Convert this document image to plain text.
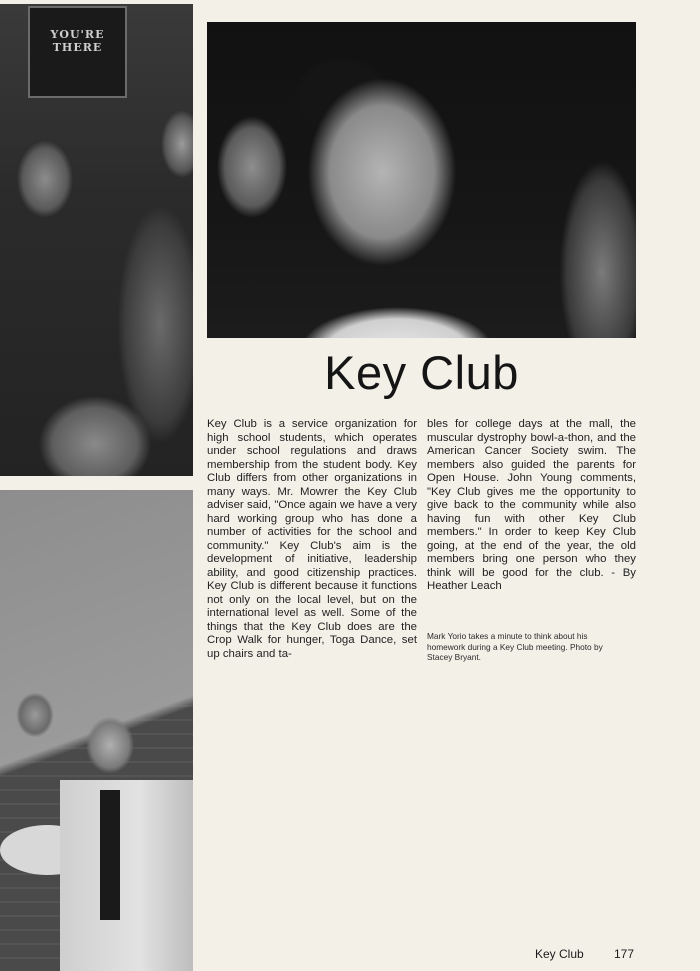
YOU'RE THERE
Key Club

Key Club is a service organization for high school students, which operates under school regulations and draws membership from the student body. Key Club differs from other organizations in many ways. Mr. Mowrer the Key Club adviser said, "Once again we have a very hard working group who has done a number of activities for the school and community." Key Club's aim is the development of initiative, leadership ability, and good citizenship practices. Key Club is different because it functions not only on the local level, but on the international level as well. Some of the things that the Key Club does are the Crop Walk for hunger, Toga Dance, set up chairs and ta-

bles for college days at the mall, the muscular dystrophy bowl-a-thon, and the American Cancer Society swim. The members also guided the parents for Open House. John Young comments, "Key Club gives me the opportunity to give back to the community while also having fun with other Key Club members." In order to keep Key Club going, at the end of the year, the old members bring one person who they think will be good for the club. - By Heather Leach

Mark Yorio takes a minute to think about his homework during a Key Club meeting. Photo by Stacey Bryant.

Key Club	177
